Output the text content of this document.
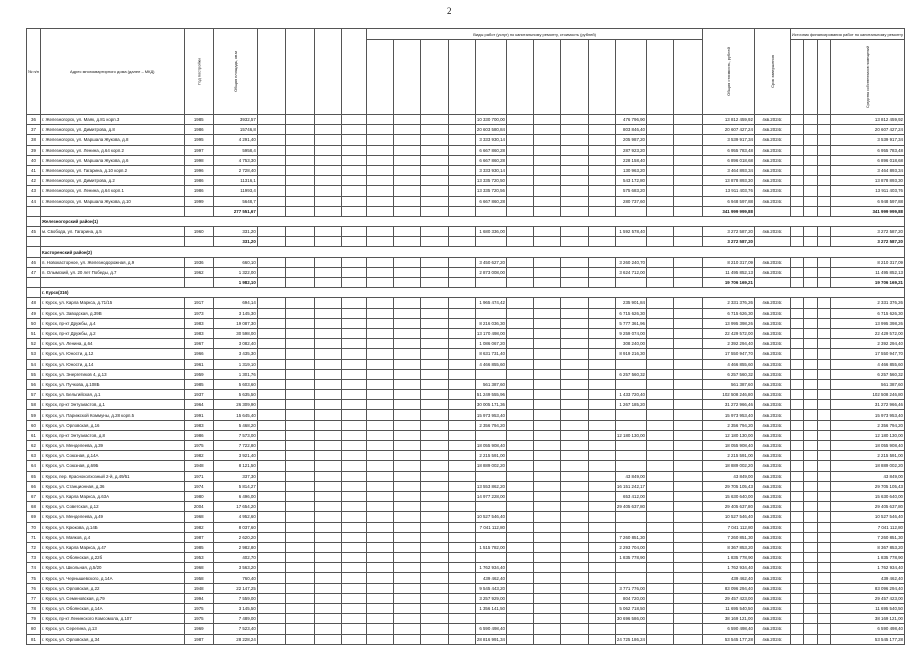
2
№ п/п	Адрес многоквартирного дома (далее – МКД)	Год постройки	Общая площадь, кв.м					Виды работ (услуг) по капитальному ремонту, стоимость (рублей)												Общая стоимость, рублей	Срок завершения	Источник финансирования работ по капитальному ремонту			
																									Средства собственников помещений
36	г. Железногорск, ул. Маяк, д.81 корп.3	1985	3932,57									10 330 700,00					476 796,90			13 812 459,92	4кв.2024г.				13 812 459,92
37	г. Железногорск, ул. Димитрова, д.8	1986	15746,8									20 603 580,84					803 846,40			20 607 427,24	4кв.2024г.				20 607 427,24
38	г. Железногорск, ул. Маршала Жукова, д.8	1995	4 291,40									3 333 930,14					205 987,20			3 539 917,34	4кв.2024г.				3 539 917,34
39	г. Железногорск, ул. Ленина, д.64 корп.2	1997	5958,4									6 667 860,28					287 923,20			6 955 783,48	4кв.2024г.				6 955 783,48
40	г. Железногорск, ул. Маршала Жукова, д.6	1998	4 753,30									6 667 860,28					228 158,40			6 896 018,68	4кв.2024г.				6 896 018,68
41	г. Железногорск, ул. Гагарина, д.10 корп.2	1996	2 728,40									3 333 930,14					130 963,20			3 464 893,34	4кв.2024г.				3 464 893,34
42	г. Железногорск, ул. Димитрова, д.2	1986	11316,1									13 335 720,50					543 172,80			13 878 893,30	4кв.2024г.				13 878 893,30
43	г. Железногорск, ул. Ленина, д.64 корп.1	1986	11993,4									13 335 720,56					575 683,20			13 911 403,76	4кв.2024г.				13 911 403,76
44	г. Железногорск, ул. Маршала Жукова, д.10	1999	5648,7									6 667 860,28					280 737,60			6 948 597,88	4кв.2024г.				6 948 597,88
			277 551,67																	341 999 999,88					341 999 999,88
	Железногорский район(1)																								
45	м. Свобода, ул. Гагарина, д.5	1960	331,20									1 680 336,00					1 592 578,40			3 272 587,20	4кв.2024г.				3 272 587,20
			331,20																	3 272 587,20					3 272 587,20
	Касторенский район(2)																								
46	п. Новокасторное, ул. Железнодорожная, д.9	1936	660,10									3 450 627,20					3 260 240,70			8 210 317,09	4кв.2024г.				8 210 317,09
47	п. Олымский, ул. 20 лет Победы, д.7	1962	1 322,00									2 873 008,00					3 624 712,00			11 495 852,13	4кв.2024г.				11 495 852,13
			1 982,10																	19 706 169,21					19 706 169,21
	г. Курск(316)																								
48	г. Курск, ул. Карла Маркса, д.71/15	1917	694,14									1 965 474,42					235 901,84			2 331 376,26	4кв.2024г.				2 331 376,26
49	г. Курск, ул. Заводская, д.39В	1973	3 145,30														6 715 626,30			6 715 626,30	4кв.2024г.				6 715 626,30
50	г. Курск, пр-кт Дружбы, д.4	1983	19 087,30									8 216 036,30					5 777 361,96			13 995 398,26	4кв.2024г.				13 995 398,26
51	г. Курск, пр-кт Дружбы, д.2	1983	30 598,00									13 170 498,00					9 259 074,00			22 429 572,00	4кв.2024г.				22 429 572,00
52	г. Курск, ул. Ленина, д.64	1967	3 082,40									1 086 067,20					308 240,00			2 392 294,40	4кв.2024г.				2 392 294,40
53	г. Курск, ул. Юности, д.12	1966	3 435,30									8 631 731,40					8 919 216,30			17 550 947,70	4кв.2024г.				17 550 947,70
54	г. Курск, ул. Юности, д.14	1961	1 319,10									4 466 855,60								4 466 855,60	4кв.2024г.				4 466 855,60
55	г. Курск, ул. Энергетиков 4, д.13	1959	1 301,76														6 257 560,32			6 257 560,32	4кв.2024г.				6 257 560,32
56	г. Курск, ул. Пучкова, д.108Б	1985	5 603,60									561 387,60								561 387,60	4кв.2024г.				561 387,60
57	г. Курск, ул. Бельгийская, д.1	1937	5 635,50									51 249 555,96					1 433 720,40			102 508 246,80	4кв.2024г.				102 508 246,80
58	г. Курск, пр-кт Энтузиастов, д.1	1964	26 309,90									30 005 171,36					1 267 185,20			31 272 966,46	4кв.2024г.				31 272 966,46
59	г. Курск, ул. Парижской Коммуны, д.28 корп.5	1991	15 645,40									15 973 953,40								15 973 953,40	4кв.2024г.				15 973 953,40
60	г. Курск, ул. Орловская, д.16	1983	5 468,20									2 356 794,20								2 356 794,20	4кв.2024г.				2 356 794,20
61	г. Курск, пр-кт Энтузиастов, д.8	1986	7 573,00														12 180 130,00			12 180 130,00	4кв.2024г.				12 180 130,00
62	г. Курск, ул. Менделеева, д.39	1975	7 722,80									18 055 908,40								18 055 908,40	4кв.2024г.				18 055 908,40
63	г. Курск, ул. Союзная, д.14А	1982	3 921,40									2 215 591,00								2 215 591,00	4кв.2024г.				2 215 591,00
64	г. Курск, ул. Союзная, д.69Б	1948	8 121,50									18 889 002,20								18 889 002,20	4кв.2024г.				18 889 002,20
65	г. Курск, пер. Красноколхозный 2-й, д.49/51	1971	337,30														43 849,00			43 849,00	4кв.2024г.				43 849,00
66	г. Курск, ул. Станционная, д.36	1974	5 814,27									13 553 862,20					16 151 242,17			29 705 105,43	4кв.2024г.				29 705 105,43
67	г. Курск, ул. Карла Маркса, д.63А	1980	6 496,00									14 977 228,00					653 412,00			15 630 640,00	4кв.2024г.				15 630 640,00
68	г. Курск, ул. Советская, д.12	2004	17 654,20														29 405 637,80			29 405 637,80	4кв.2024г.				29 405 637,80
69	г. Курск, ул. Менделеева, д.49	1968	4 952,60									10 527 546,40								10 527 546,40	4кв.2024г.				10 527 546,40
70	г. Курск, ул. Крюкова, д.14Б	1982	8 037,60									7 041 112,80								7 041 112,80	4кв.2024г.				7 041 112,80
71	г. Курск, ул. Маяков, д.4	1987	2 620,20														7 260 851,30			7 260 851,30	4кв.2024г.				7 260 851,30
72	г. Курск, ул. Карла Маркса, д.47	1985	2 982,80									1 515 782,00					2 293 704,00			8 367 853,20	4кв.2024г.				8 367 853,20
73	г. Курск, ул. Обоянская, д.22б	1953	402,70														1 835 778,90			1 835 778,90	4кв.2024г.				1 835 778,90
74	г. Курск, ул. Школьная, д.5/20	1968	3 563,20									1 762 934,40								1 762 934,40	4кв.2024г.				1 762 934,40
75	г. Курск, ул. Чернышевского, д.14А	1958	760,40									439 462,40								439 462,40	4кв.2024г.				439 462,40
76	г. Курск, ул. Орловская, д.22	1948	22 147,25									9 545 443,20					3 771 776,00			83 096 294,40	4кв.2024г.				83 096 294,40
77	г. Курск, ул. Семеновская, д.79	1994	7 559,00									3 257 929,00					804 720,00			29 457 423,00	4кв.2024г.				29 457 423,00
78	г. Курск, ул. Обоянская, д.14А	1975	3 145,50									1 356 141,50					5 062 718,50			11 695 540,50	4кв.2024г.				11 695 540,50
79	г. Курск, пр-кт Ленинского Комсомола, д.107	1975	7 489,00														30 696 586,00			38 169 121,00	4кв.2024г.				38 169 121,00
80	г. Курск, ул. Серегина, д.13	1969	7 523,40									6 590 498,40								6 590 498,40	4кв.2024г.				6 590 498,40
81	г. Курск, ул. Орловская, д.34	1987	28 228,24									28 816 991,34					24 725 186,24			53 545 177,28	4кв.2024г.				53 545 177,28
